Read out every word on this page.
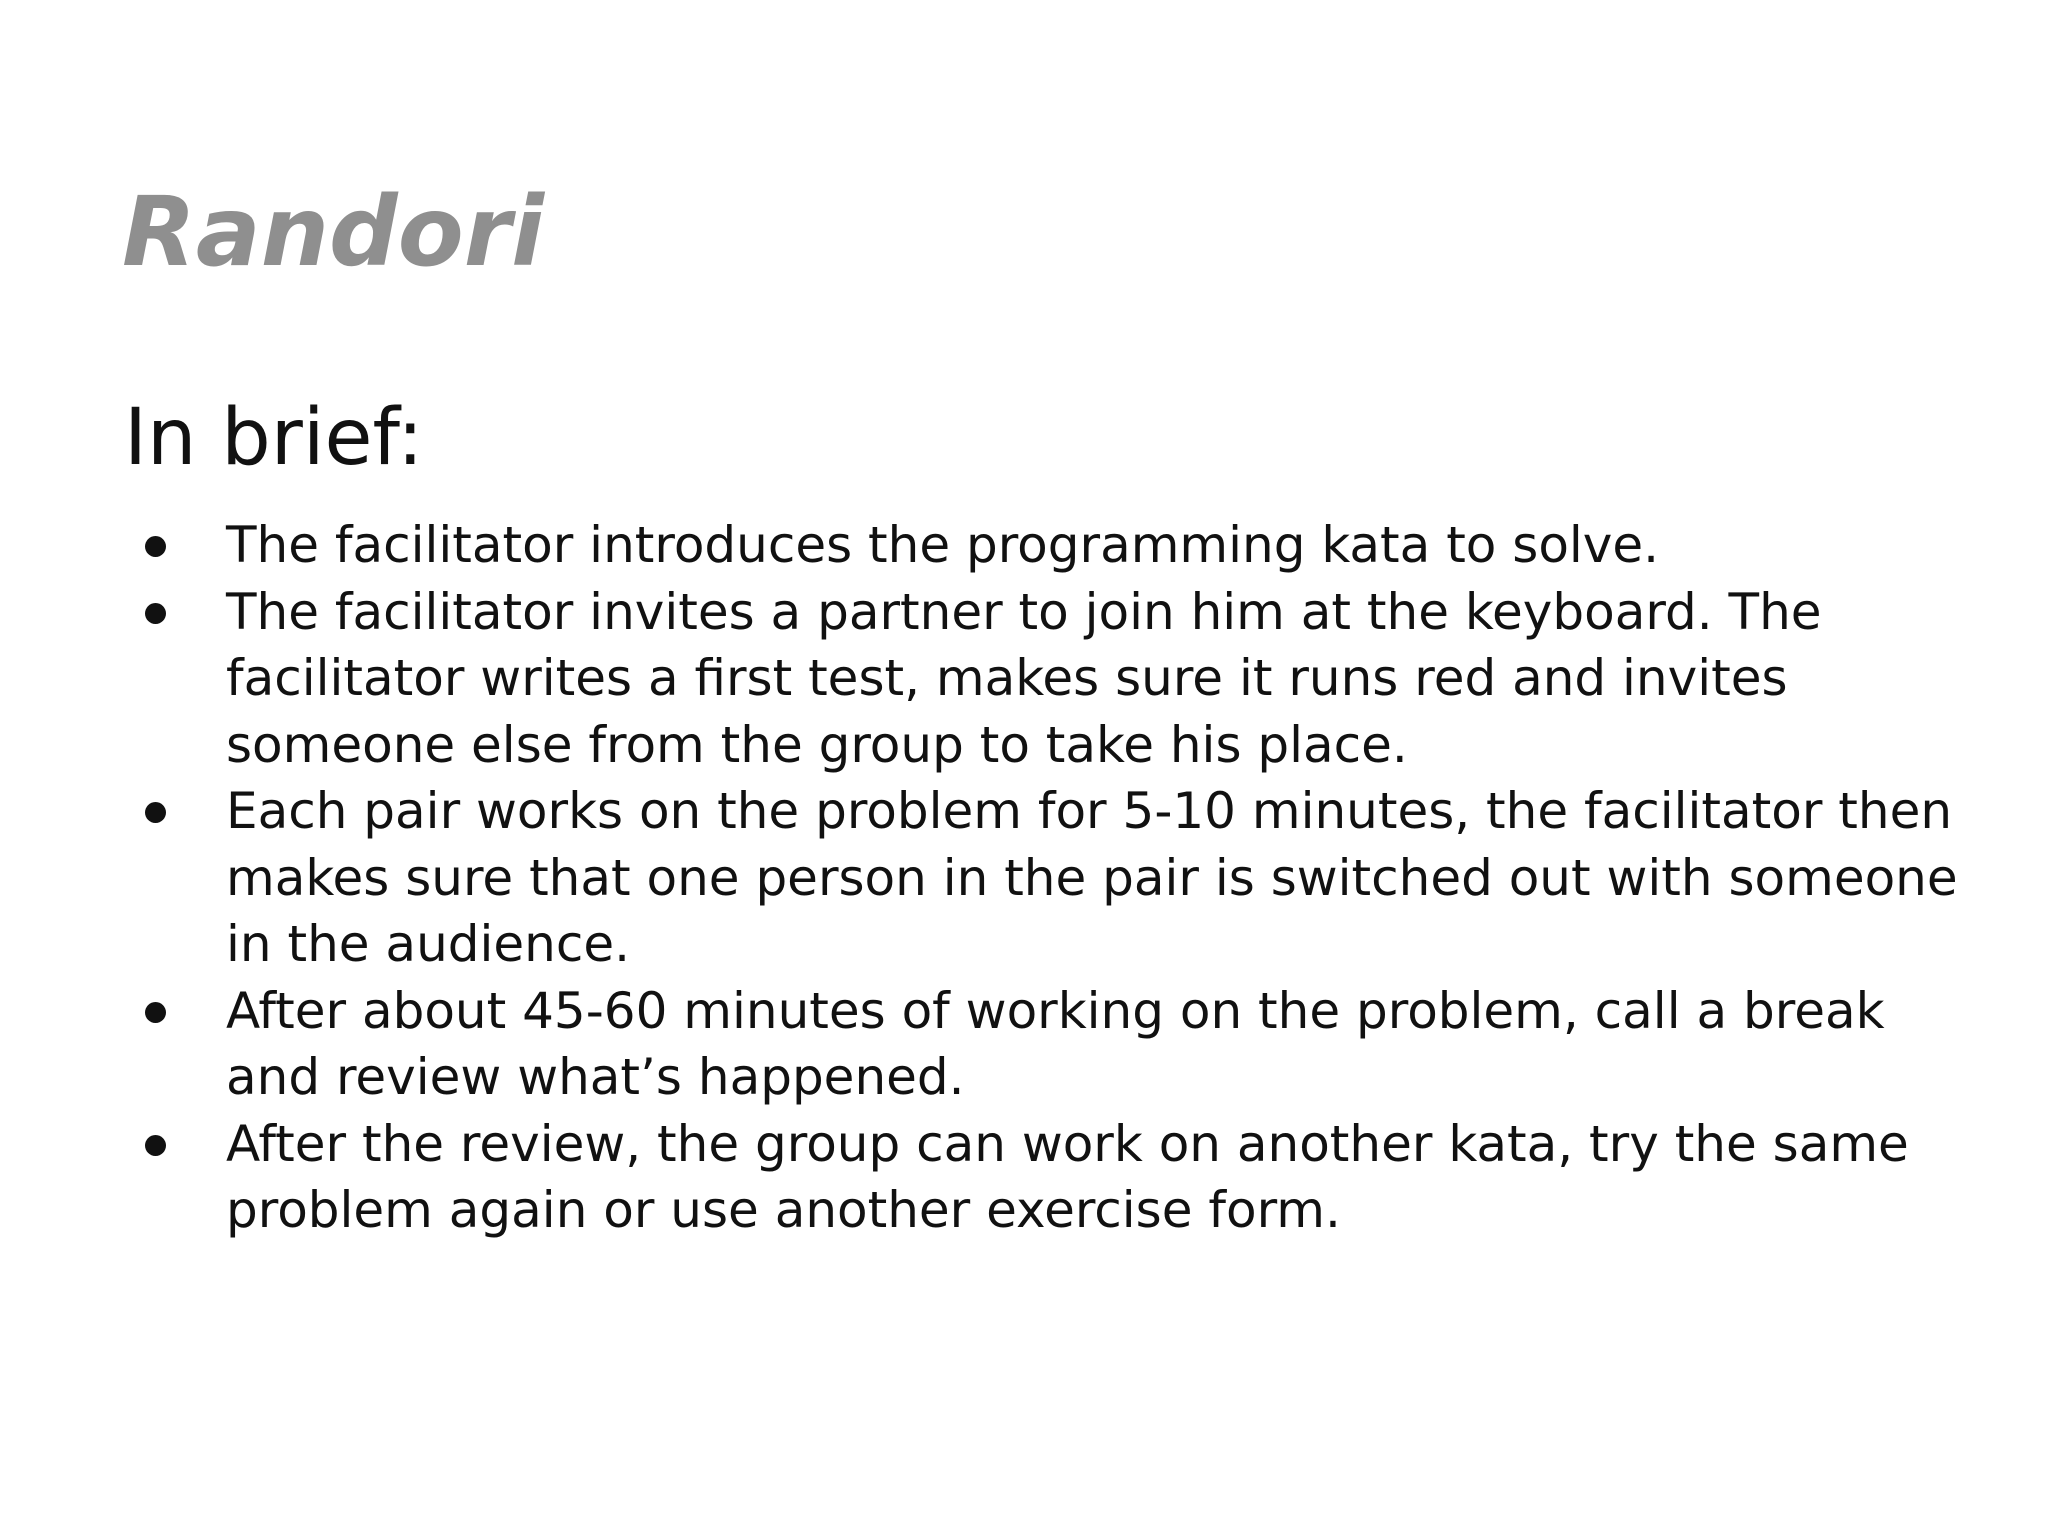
Randori
In brief:
The facilitator introduces the programming kata to solve.
The facilitator invites a partner to join him at the keyboard. The facilitator writes a first test, makes sure it runs red and invites someone else from the group to take his place.
Each pair works on the problem for 5-10 minutes, the facilitator then makes sure that one person in the pair is switched out with someone in the audience.
After about 45-60 minutes of working on the problem, call a break and review what’s happened.
After the review, the group can work on another kata, try the same problem again or use another exercise form.
